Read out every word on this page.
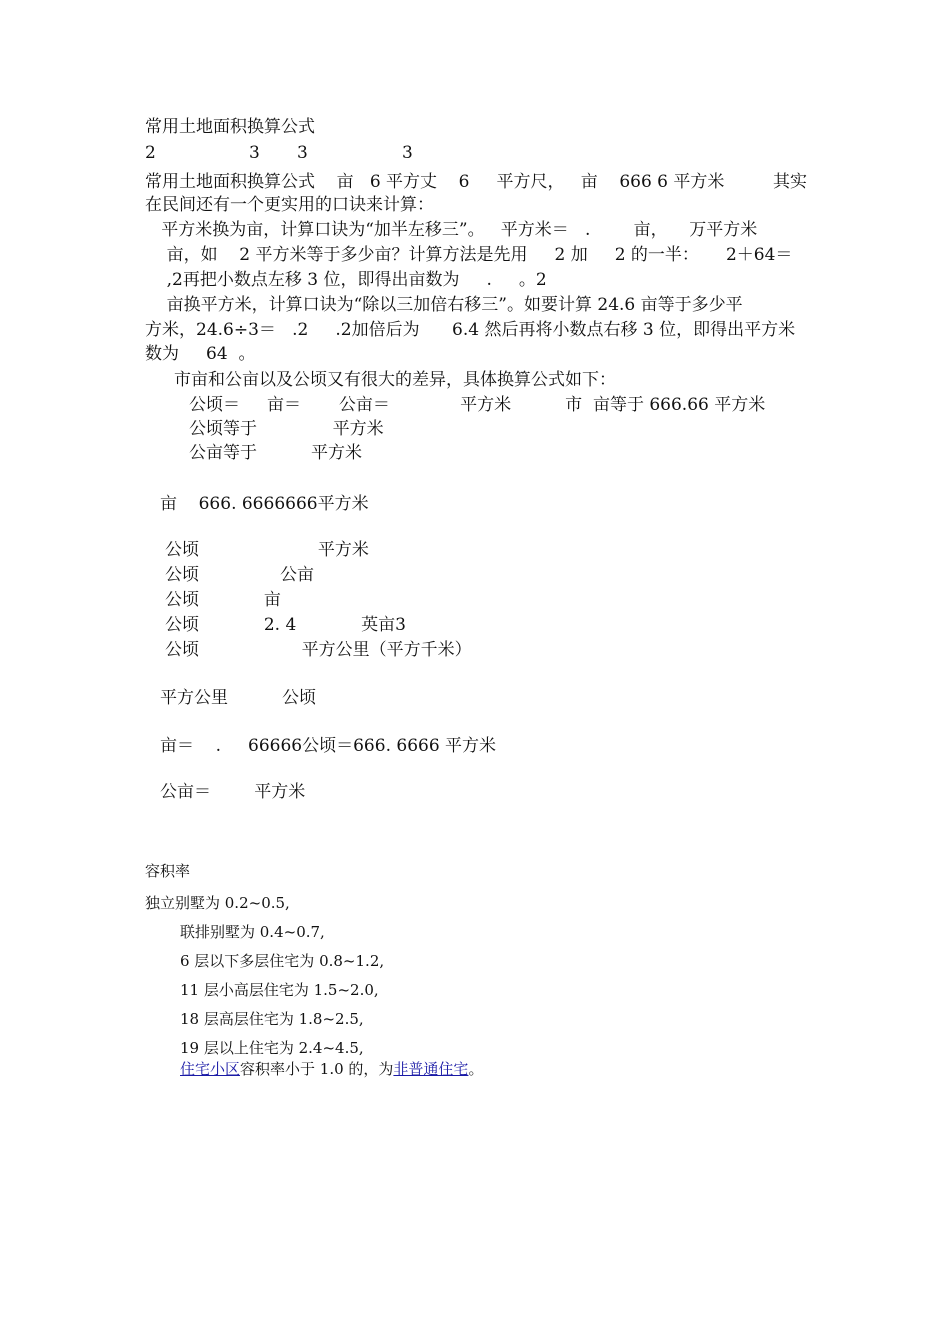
常用土地面积换算公式
2	3 3	3
常用土地面积换算公式    亩   6 平方丈    6     平方尺，   亩    666 6 平方米         其实
在民间还有一个更实用的口诀来计算：
平方米换为亩，计算口诀为“加半左移三”。   平方米＝   .        亩，    万平方米
亩，如    2 平方米等于多少亩？计算方法是先用     2 加     2 的一半：     2＋64＝
,2再把小数点左移 3 位，即得出亩数为     .     。2
亩换平方米，计算口诀为“除以三加倍右移三”。如要计算 24.6 亩等于多少平
方米，24.6÷3＝   .2     .2加倍后为      6.4 然后再将小数点右移 3 位，即得出平方米
数为     64  。
市亩和公亩以及公顷又有很大的差异，具体换算公式如下：
公顷＝     亩＝       公亩＝             平方米          市  亩等于 666.66 平方米
公顷等于              平方米
公亩等于          平方米
亩    666. 6666666平方米
公顷                      平方米
公顷               公亩
公顷            亩
公顷            2. 4            英亩3
公顷                   平方公里（平方千米）
平方公里          公顷
亩＝    .     66666公顷＝666. 6666 平方米
公亩＝        平方米
容积率
独立别墅为 0.2~0.5,
联排别墅为 0.4~0.7,
6 层以下多层住宅为 0.8~1.2,
11 层小高层住宅为 1.5~2.0,
18 层高层住宅为 1.8~2.5,
19 层以上住宅为 2.4~4.5,
住宅小区容积率小于 1.0 的，为非普通住宅。
